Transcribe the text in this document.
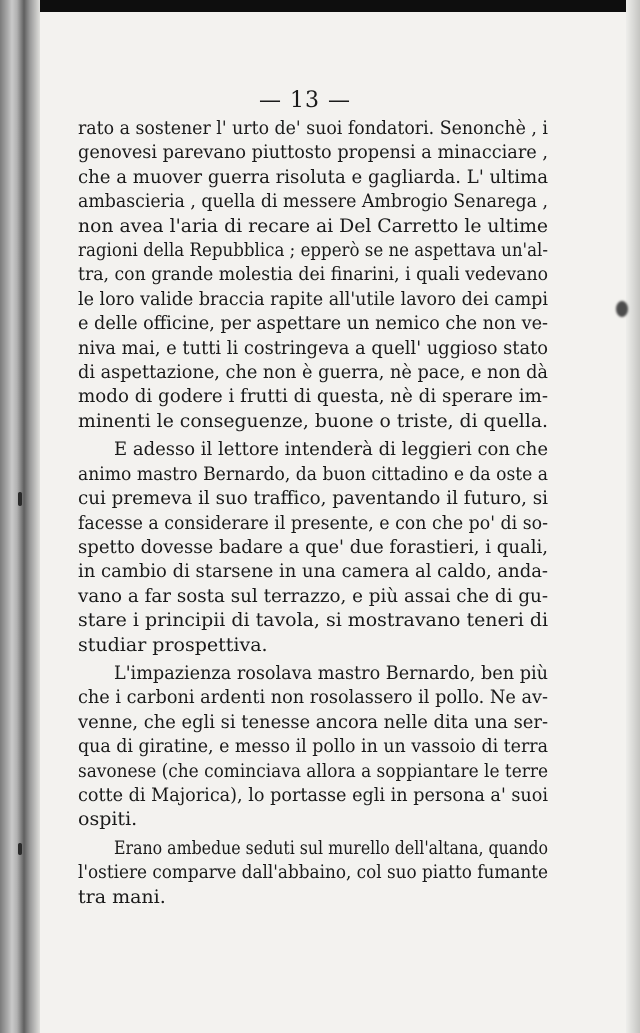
— 13 —

rato a sostener l' urto de' suoi fondatori. Senonchè , i
genovesi parevano piuttosto propensi a minacciare ,
che a muover guerra risoluta e gagliarda. L' ultima
ambascieria , quella di messere Ambrogio Senarega ,
non avea l'aria di recare ai Del Carretto le ultime
ragioni della Repubblica ; epperò se ne aspettava un'al-
tra, con grande molestia dei finarini, i quali vedevano
le loro valide braccia rapite all'utile lavoro dei campi
e delle officine, per aspettare un nemico che non ve-
niva mai, e tutti li costringeva a quell' uggioso stato
di aspettazione, che non è guerra, nè pace, e non dà
modo di godere i frutti di questa, nè di sperare im-
minenti le conseguenze, buone o triste, di quella.

E adesso il lettore intenderà di leggieri con che
animo mastro Bernardo, da buon cittadino e da oste a
cui premeva il suo traffico, paventando il futuro, si
facesse a considerare il presente, e con che po' di so-
spetto dovesse badare a que' due forastieri, i quali,
in cambio di starsene in una camera al caldo, anda-
vano a far sosta sul terrazzo, e più assai che di gu-
stare i principii di tavola, si mostravano teneri di
studiar prospettiva.

L'impazienza rosolava mastro Bernardo, ben più
che i carboni ardenti non rosolassero il pollo. Ne av-
venne, che egli si tenesse ancora nelle dita una ser-
qua di giratine, e messo il pollo in un vassoio di terra
savonese (che cominciava allora a soppiantare le terre
cotte di Majorica), lo portasse egli in persona a' suoi
ospiti.

Erano ambedue seduti sul murello dell'altana, quando
l'ostiere comparve dall'abbaino, col suo piatto fumante
tra mani.
